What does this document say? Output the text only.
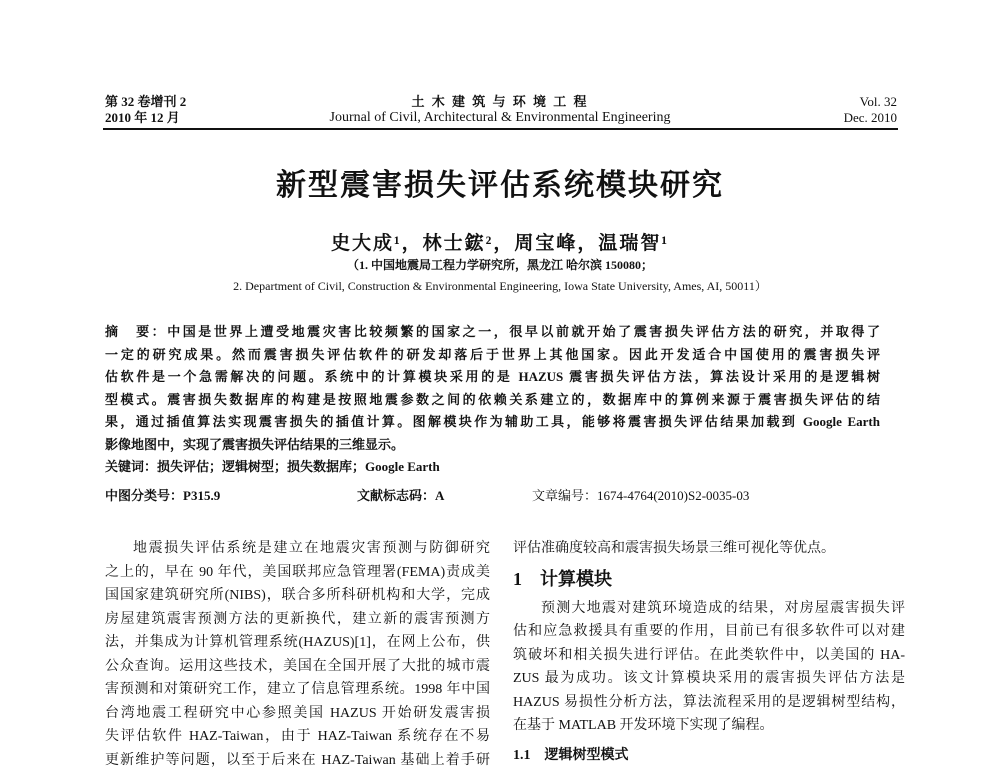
第 32 卷增刊 2
2010 年 12 月
土 木 建 筑 与 环 境 工 程
Journal of Civil, Architectural & Environmental Engineering
Vol. 32
Dec. 2010
新型震害损失评估系统模块研究
史大成¹，林士鋐²，周宝峰，温瑞智¹
（1. 中国地震局工程力学研究所，黑龙江 哈尔滨 150080；
2. Department of Civil, Construction & Environmental Engineering, Iowa State University, Ames, AI, 50011）
摘　要：中国是世界上遭受地震灾害比较频繁的国家之一，很早以前就开始了震害损失评估方法的研究，并取得了
一定的研究成果。然而震害损失评估软件的研发却落后于世界上其他国家。因此开发适合中国使用的震害损失评
估软件是一个急需解决的问题。系统中的计算模块采用的是 HAZUS 震害损失评估方法，算法设计采用的是逻辑树
型模式。震害损失数据库的构建是按照地震参数之间的依赖关系建立的，数据库中的算例来源于震害损失评估的结
果，通过插值算法实现震害损失的插值计算。图解模块作为辅助工具，能够将震害损失评估结果加载到 Google Earth
影像地图中，实现了震害损失评估结果的三维显示。
关键词：损失评估；逻辑树型；损失数据库；Google Earth
中图分类号：P315.9	文献标志码：A	文章编号：1674-4764(2010)S2-0035-03
地震损失评估系统是建立在地震灾害预测与防御研究
之上的，早在 90 年代，美国联邦应急管理署(FEMA)责成美
国国家建筑研究所(NIBS)，联合多所科研机构和大学，完成
房屋建筑震害预测方法的更新换代，建立新的震害预测方
法，并集成为计算机管理系统(HAZUS)[1]，在网上公布，供
公众查询。运用这些技术，美国在全国开展了大批的城市震
害预测和对策研究工作，建立了信息管理系统。1998 年中国
台湾地震工程研究中心参照美国 HAZUS 开始研发震害损
失评估软件 HAZ-Taiwan，由于 HAZ-Taiwan 系统存在不易
更新维护等问题，以至于后来在 HAZ-Taiwan 基础上着手研
评估准确度较高和震害损失场景三维可视化等优点。
1　计算模块
预测大地震对建筑环境造成的结果，对房屋震害损失评
估和应急救援具有重要的作用，目前已有很多软件可以对建
筑破坏和相关损失进行评估。在此类软件中，以美国的 HA-
ZUS 最为成功。该文计算模块采用的震害损失评估方法是
HAZUS 易损性分析方法，算法流程采用的是逻辑树型结构，
在基于 MATLAB 开发环境下实现了编程。
1.1　逻辑树型模式
